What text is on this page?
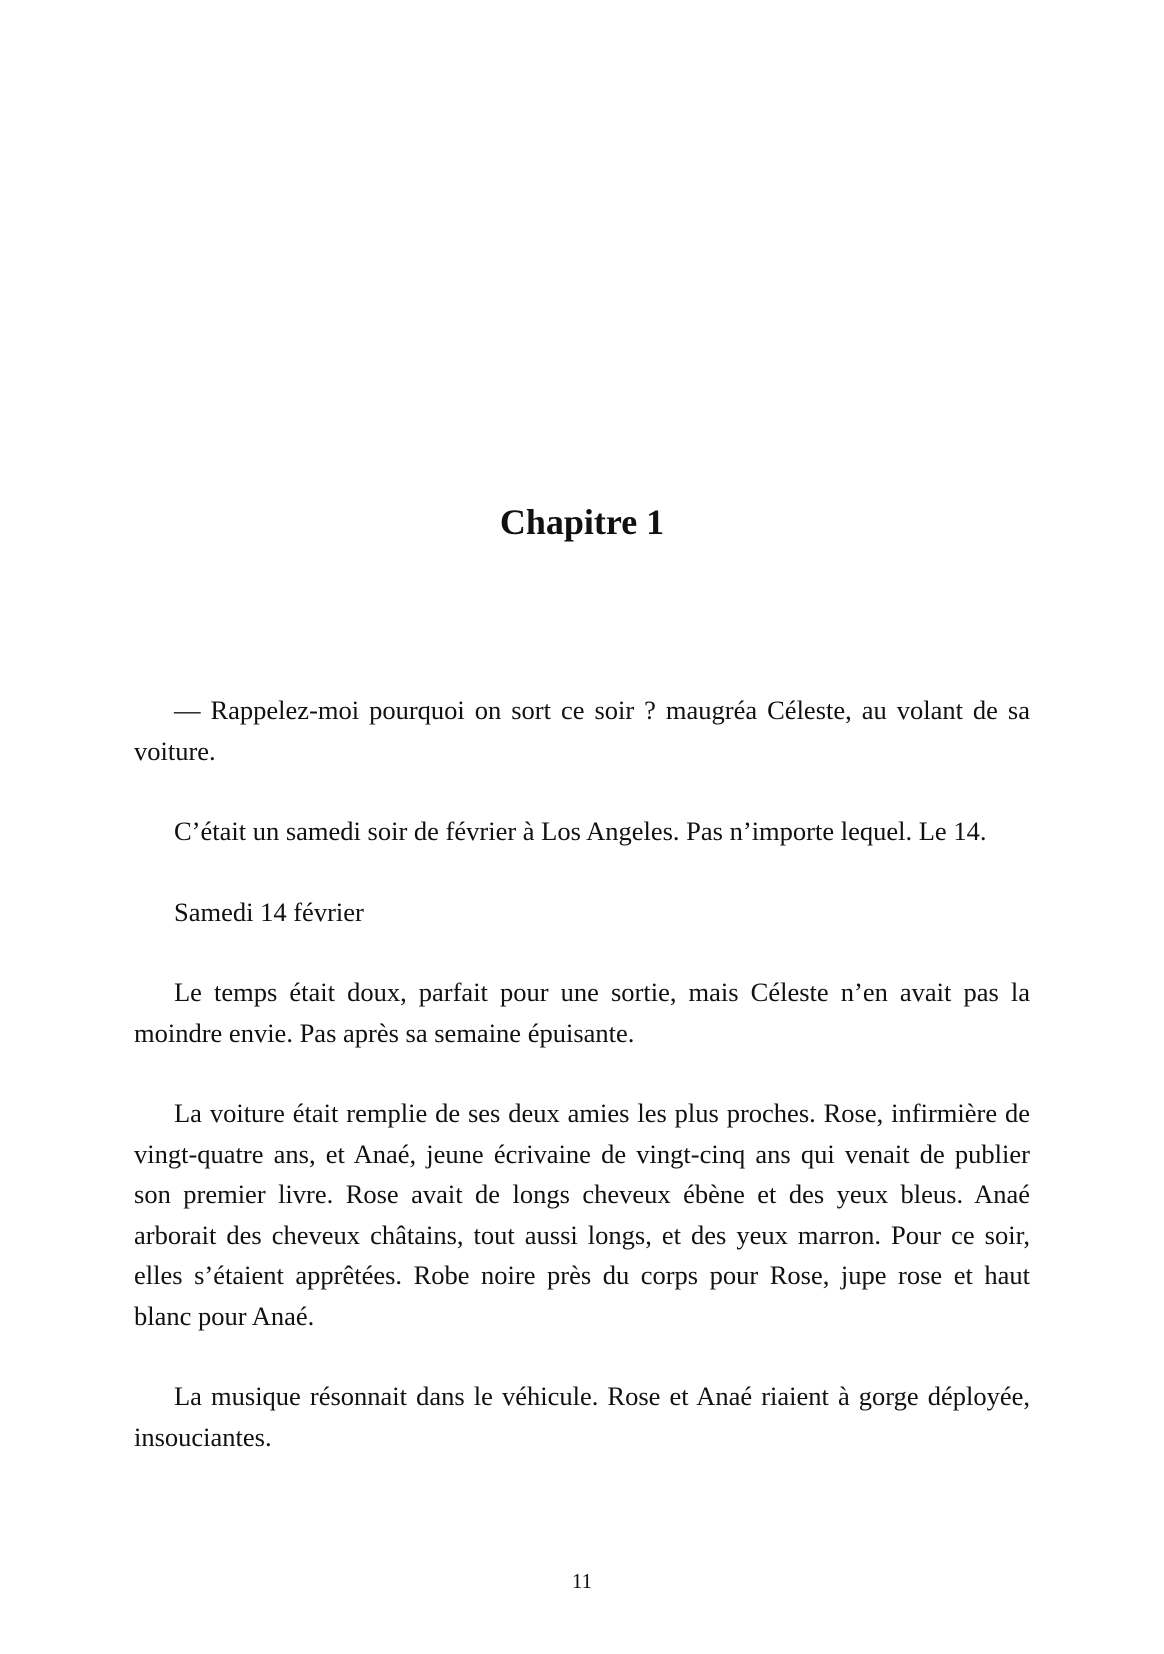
Chapitre 1

— Rappelez-moi pourquoi on sort ce soir ? maugréa Céleste, au volant de sa voiture.

C’était un samedi soir de février à Los Angeles. Pas n’importe lequel. Le 14.

Samedi 14 février

Le temps était doux, parfait pour une sortie, mais Céleste n’en avait pas la moindre envie. Pas après sa semaine épuisante.

La voiture était remplie de ses deux amies les plus proches. Rose, infirmière de vingt-quatre ans, et Anaé, jeune écrivaine de vingt-cinq ans qui venait de publier son premier livre. Rose avait de longs cheveux ébène et des yeux bleus. Anaé arborait des cheveux châtains, tout aussi longs, et des yeux marron. Pour ce soir, elles s’étaient apprêtées. Robe noire près du corps pour Rose, jupe rose et haut blanc pour Anaé.

La musique résonnait dans le véhicule. Rose et Anaé riaient à gorge déployée, insouciantes.

11
